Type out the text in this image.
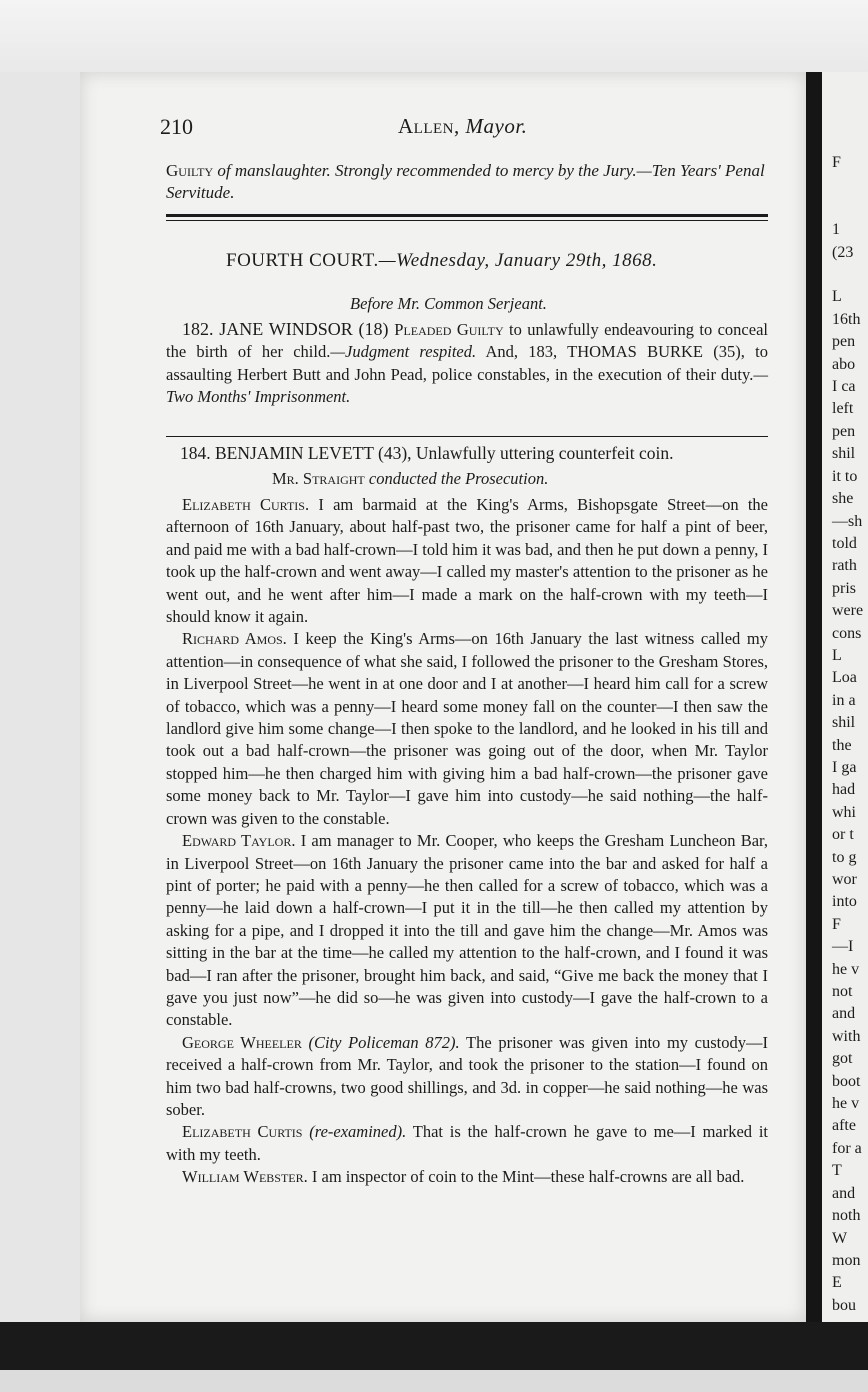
210	Allen, Mayor.
Guilty of manslaughter. Strongly recommended to mercy by the Jury.—Ten Years' Penal Servitude.
FOURTH COURT.—Wednesday, January 29th, 1868.
Before Mr. Common Serjeant.
182. JANE WINDSOR (18) Pleaded Guilty to unlawfully endeavouring to conceal the birth of her child.—Judgment respited. And, 183, THOMAS BURKE (35), to assaulting Herbert Butt and John Pead, police constables, in the execution of their duty.—Two Months' Imprisonment.
184. BENJAMIN LEVETT (43), Unlawfully uttering counterfeit coin.
Mr. Straight conducted the Prosecution.
Elizabeth Curtis. I am barmaid at the King's Arms, Bishopsgate Street—on the afternoon of 16th January, about half-past two, the prisoner came for half a pint of beer, and paid me with a bad half-crown—I told him it was bad, and then he put down a penny, I took up the half-crown and went away—I called my master's attention to the prisoner as he went out, and he went after him—I made a mark on the half-crown with my teeth—I should know it again.
Richard Amos. I keep the King's Arms—on 16th January the last witness called my attention—in consequence of what she said, I followed the prisoner to the Gresham Stores, in Liverpool Street—he went in at one door and I at another—I heard him call for a screw of tobacco, which was a penny—I heard some money fall on the counter—I then saw the landlord give him some change—I then spoke to the landlord, and he looked in his till and took out a bad half-crown—the prisoner was going out of the door, when Mr. Taylor stopped him—he then charged him with giving him a bad half-crown—the prisoner gave some money back to Mr. Taylor—I gave him into custody—he said nothing—the half-crown was given to the constable.
Edward Taylor. I am manager to Mr. Cooper, who keeps the Gresham Luncheon Bar, in Liverpool Street—on 16th January the prisoner came into the bar and asked for half a pint of porter; he paid with a penny—he then called for a screw of tobacco, which was a penny—he laid down a half-crown—I put it in the till—he then called my attention by asking for a pipe, and I dropped it into the till and gave him the change—Mr. Amos was sitting in the bar at the time—he called my attention to the half-crown, and I found it was bad—I ran after the prisoner, brought him back, and said, “Give me back the money that I gave you just now”—he did so—he was given into custody—I gave the half-crown to a constable.
George Wheeler (City Policeman 872). The prisoner was given into my custody—I received a half-crown from Mr. Taylor, and took the prisoner to the station—I found on him two bad half-crowns, two good shillings, and 3d. in copper—he said nothing—he was sober.
Elizabeth Curtis (re-examined). That is the half-crown he gave to me—I marked it with my teeth.
William Webster. I am inspector of coin to the Mint—these half-crowns are all bad.
F

1
(23

L
16th
pen
abo
I ca
left
pen
shil
it to
she
—sh
told
rath
pris
were
cons
L
Loa
in a
shil
the
I ga
had
whi
or t
to g
wor
into
F
—I
he v
not
and
with
got
boot
he v
afte
for a
T
and
noth
W
mon
E
bou
